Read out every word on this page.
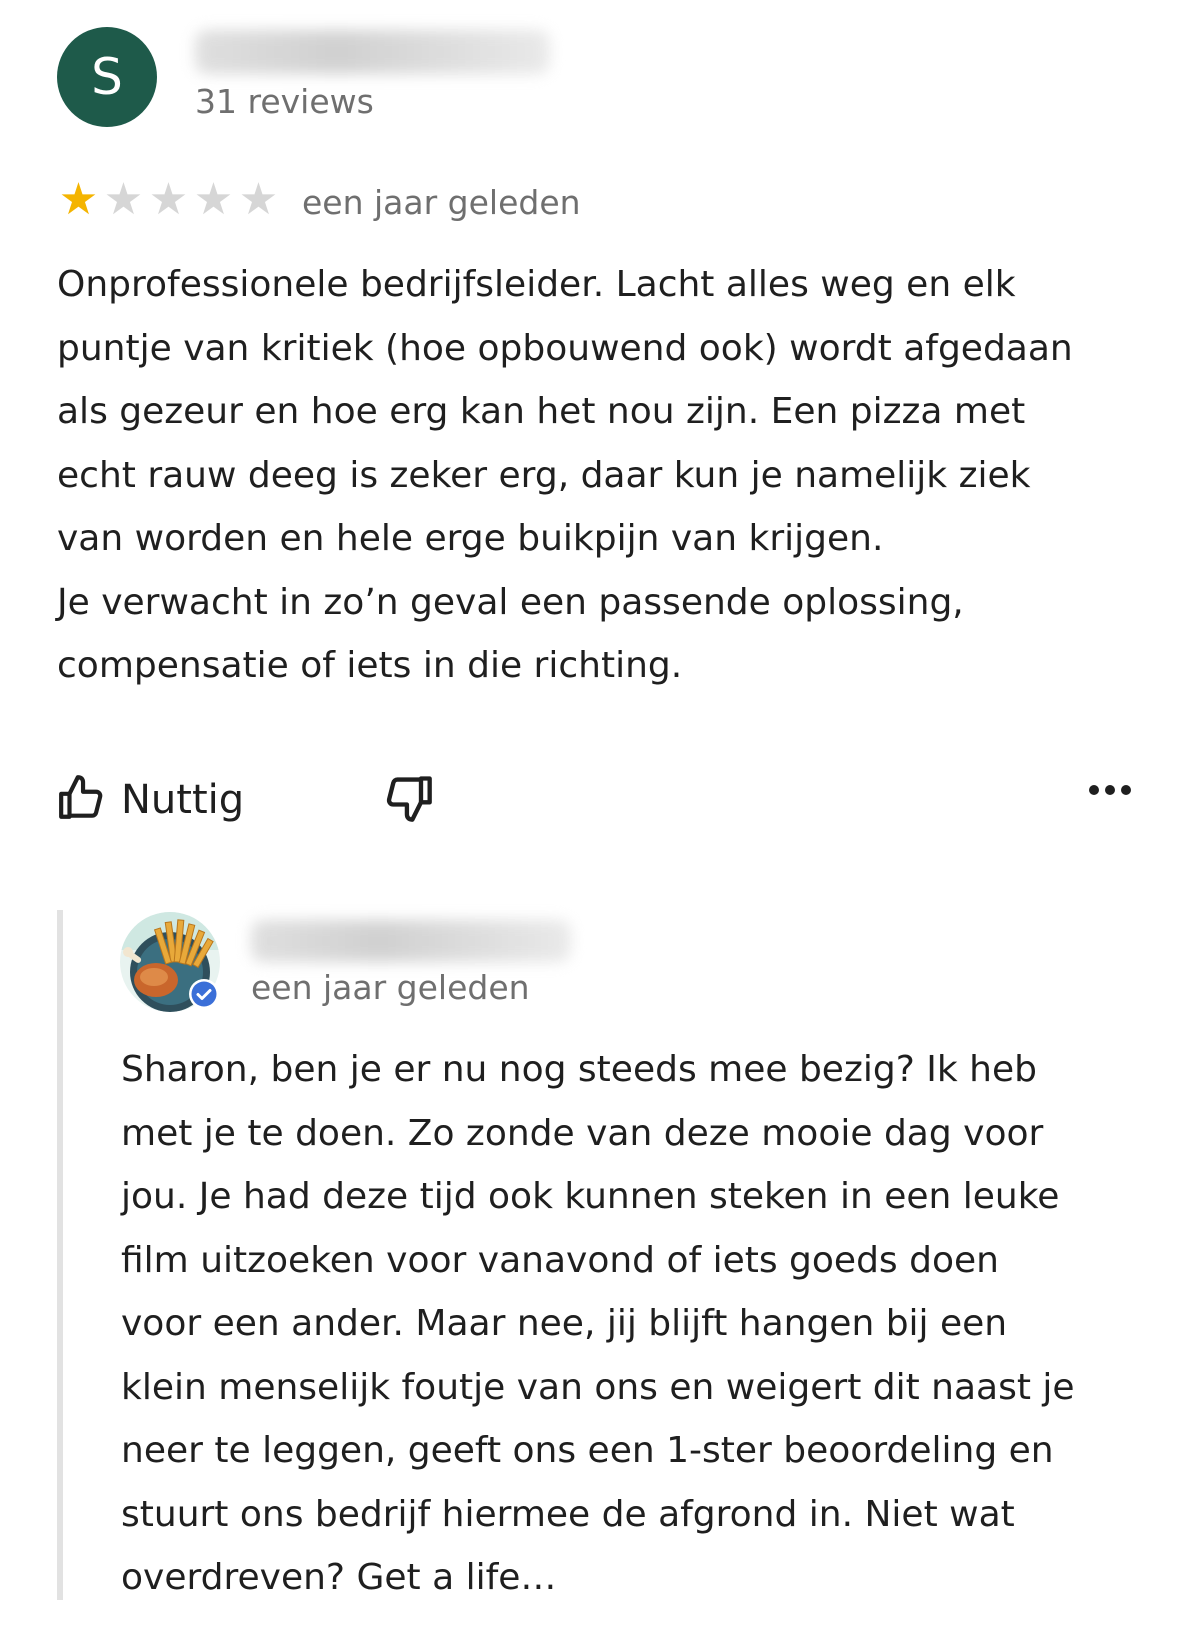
S 31 reviews
★ ★ ★ ★ ★ een jaar geleden
Onprofessionele bedrijfsleider. Lacht alles weg en elk
puntje van kritiek (hoe opbouwend ook) wordt afgedaan
als gezeur en hoe erg kan het nou zijn. Een pizza met
echt rauw deeg is zeker erg, daar kun je namelijk ziek
van worden en hele erge buikpijn van krijgen.
Je verwacht in zo’n geval een passende oplossing,
compensatie of iets in die richting.
Nuttig
een jaar geleden
Sharon, ben je er nu nog steeds mee bezig? Ik heb
met je te doen. Zo zonde van deze mooie dag voor
jou. Je had deze tijd ook kunnen steken in een leuke
film uitzoeken voor vanavond of iets goeds doen
voor een ander. Maar nee, jij blijft hangen bij een
klein menselijk foutje van ons en weigert dit naast je
neer te leggen, geeft ons een 1-ster beoordeling en
stuurt ons bedrijf hiermee de afgrond in. Niet wat
overdreven? Get a life…
